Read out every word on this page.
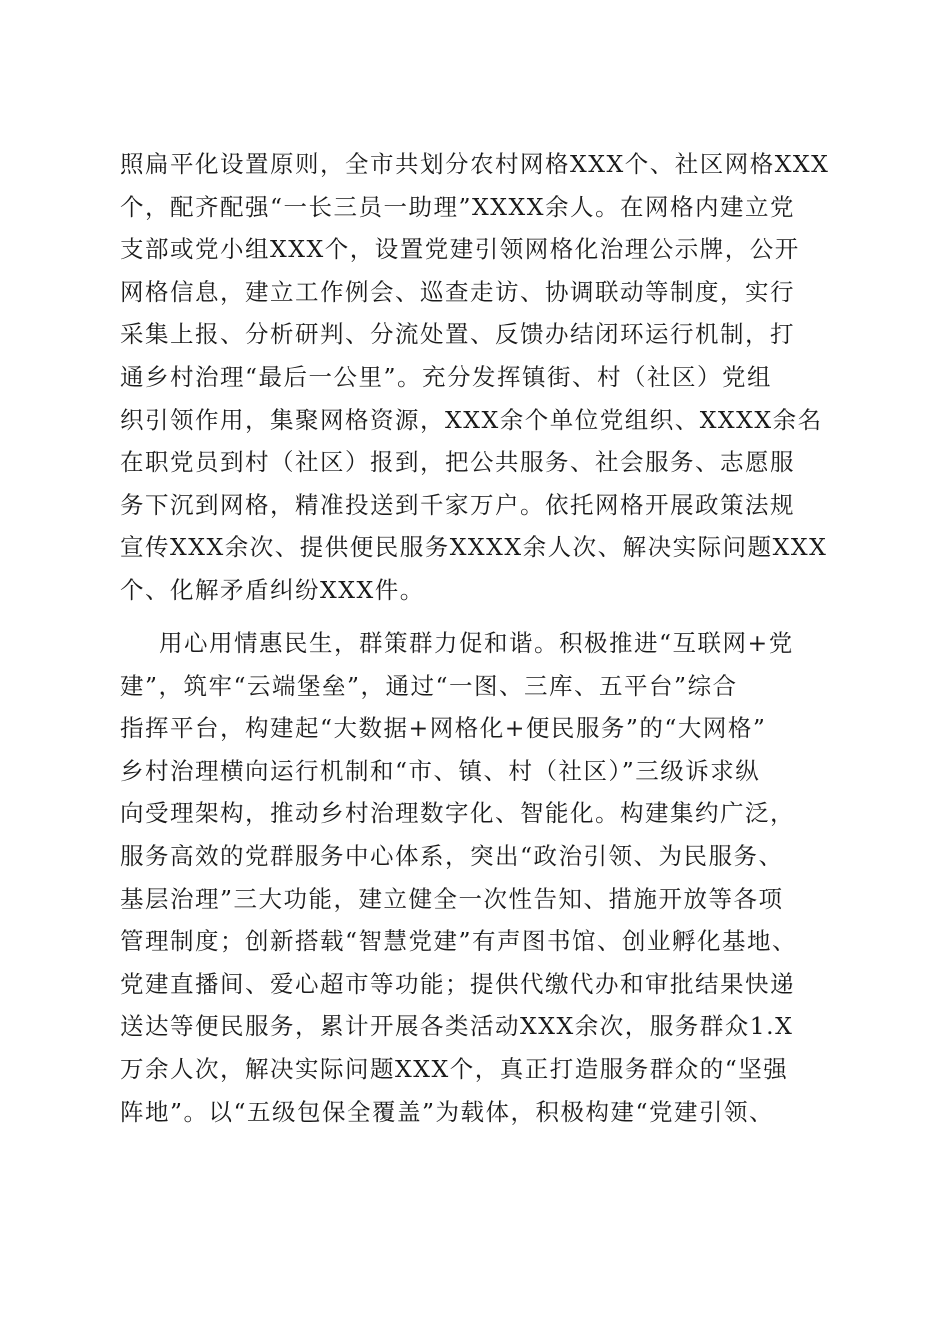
照扁平化设置原则，全市共划分农村网格XXX个、社区网格XXX
个，配齐配强“一长三员一助理”XXXX余人。在网格内建立党
支部或党小组XXX个，设置党建引领网格化治理公示牌，公开
网格信息，建立工作例会、巡查走访、协调联动等制度，实行
采集上报、分析研判、分流处置、反馈办结闭环运行机制，打
通乡村治理“最后一公里”。充分发挥镇街、村（社区）党组
织引领作用，集聚网格资源，XXX余个单位党组织、XXXX余名
在职党员到村（社区）报到，把公共服务、社会服务、志愿服
务下沉到网格，精准投送到千家万户。依托网格开展政策法规
宣传XXX余次、提供便民服务XXXX余人次、解决实际问题XXX
个、化解矛盾纠纷XXX件。
用心用情惠民生，群策群力促和谐。积极推进“互联网+党
建”，筑牢“云端堡垒”，通过“一图、三库、五平台”综合
指挥平台，构建起“大数据+网格化+便民服务”的“大网格”
乡村治理横向运行机制和“市、镇、村（社区）”三级诉求纵
向受理架构，推动乡村治理数字化、智能化。构建集约广泛，
服务高效的党群服务中心体系，突出“政治引领、为民服务、
基层治理”三大功能，建立健全一次性告知、措施开放等各项
管理制度；创新搭载“智慧党建”有声图书馆、创业孵化基地、
党建直播间、爱心超市等功能；提供代缴代办和审批结果快递
送达等便民服务，累计开展各类活动XXX余次，服务群众1.X
万余人次，解决实际问题XXX个，真正打造服务群众的“坚强
阵地”。以“五级包保全覆盖”为载体，积极构建“党建引领、
